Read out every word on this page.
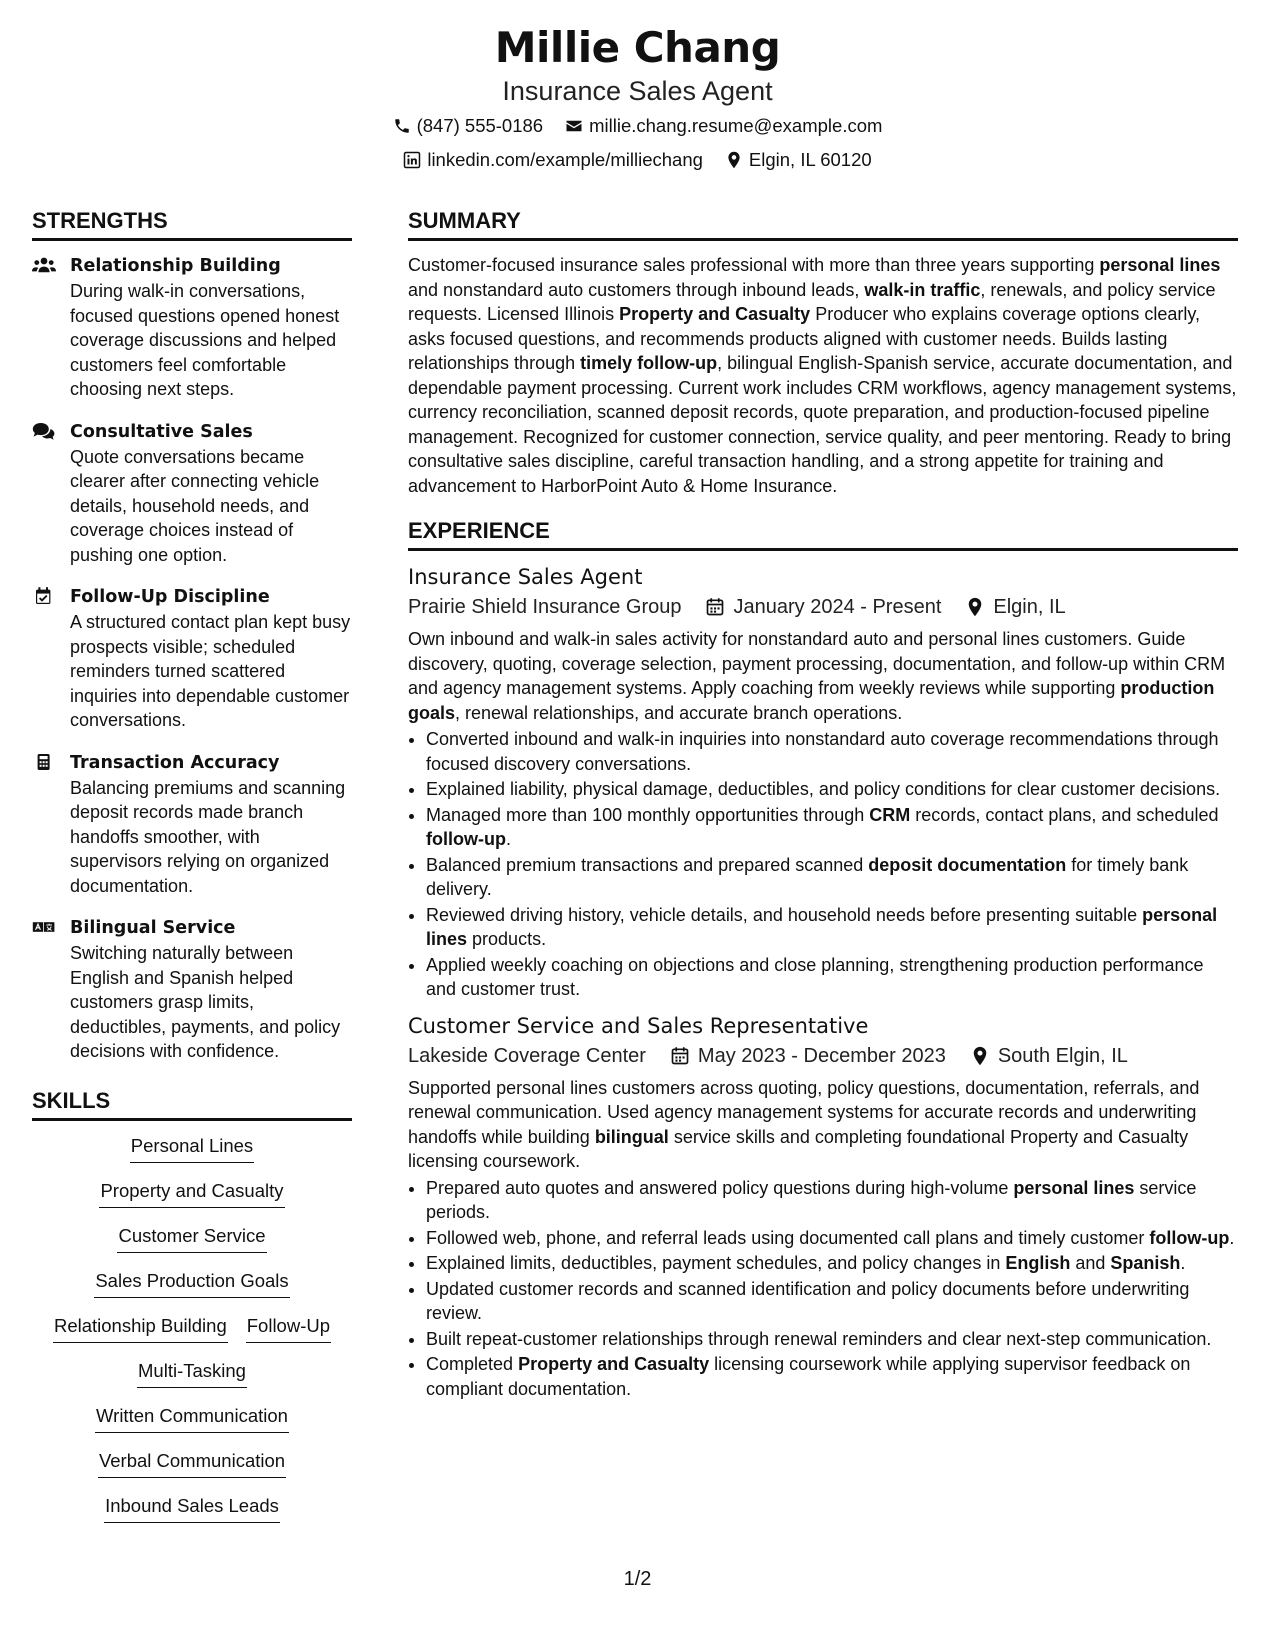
Millie Chang
Insurance Sales Agent
(847) 555-0186 millie.chang.resume@example.com
linkedin.com/example/milliechang Elgin, IL 60120
STRENGTHS
Relationship Building
During walk-in conversations, focused questions opened honest coverage discussions and helped customers feel comfortable choosing next steps.
Consultative Sales
Quote conversations became clearer after connecting vehicle details, household needs, and coverage choices instead of pushing one option.
Follow-Up Discipline
A structured contact plan kept busy prospects visible; scheduled reminders turned scattered inquiries into dependable customer conversations.
Transaction Accuracy
Balancing premiums and scanning deposit records made branch handoffs smoother, with supervisors relying on organized documentation.
Bilingual Service
Switching naturally between English and Spanish helped customers grasp limits, deductibles, payments, and policy decisions with confidence.
SKILLS
Personal Lines
Property and Casualty
Customer Service
Sales Production Goals
Relationship Building Follow-Up
Multi-Tasking
Written Communication
Verbal Communication
Inbound Sales Leads
SUMMARY

Customer-focused insurance sales professional with more than three years supporting personal lines and nonstandard auto customers through inbound leads, walk-in traffic, renewals, and policy service requests. Licensed Illinois Property and Casualty Producer who explains coverage options clearly, asks focused questions, and recommends products aligned with customer needs. Builds lasting relationships through timely follow-up, bilingual English-Spanish service, accurate documentation, and dependable payment processing. Current work includes CRM workflows, agency management systems, currency reconciliation, scanned deposit records, quote preparation, and production-focused pipeline management. Recognized for customer connection, service quality, and peer mentoring. Ready to bring consultative sales discipline, careful transaction handling, and a strong appetite for training and advancement to HarborPoint Auto & Home Insurance.

EXPERIENCE
Insurance Sales Agent
Prairie Shield Insurance Group	January 2024 - Present	Elgin, IL

Own inbound and walk-in sales activity for nonstandard auto and personal lines customers. Guide discovery, quoting, coverage selection, payment processing, documentation, and follow-up within CRM and agency management systems. Apply coaching from weekly reviews while supporting production goals, renewal relationships, and accurate branch operations.

• Converted inbound and walk-in inquiries into nonstandard auto coverage recommendations through focused discovery conversations.
• Explained liability, physical damage, deductibles, and policy conditions for clear customer decisions.
• Managed more than 100 monthly opportunities through CRM records, contact plans, and scheduled follow-up.
• Balanced premium transactions and prepared scanned deposit documentation for timely bank delivery.
• Reviewed driving history, vehicle details, and household needs before presenting suitable personal lines products.
• Applied weekly coaching on objections and close planning, strengthening production performance and customer trust.
Customer Service and Sales Representative
Lakeside Coverage Center	May 2023 - December 2023	South Elgin, IL

Supported personal lines customers across quoting, policy questions, documentation, referrals, and renewal communication. Used agency management systems for accurate records and underwriting handoffs while building bilingual service skills and completing foundational Property and Casualty licensing coursework.

• Prepared auto quotes and answered policy questions during high-volume personal lines service periods.
• Followed web, phone, and referral leads using documented call plans and timely customer follow-up.
• Explained limits, deductibles, payment schedules, and policy changes in English and Spanish.
• Updated customer records and scanned identification and policy documents before underwriting review.
• Built repeat-customer relationships through renewal reminders and clear next-step communication.
• Completed Property and Casualty licensing coursework while applying supervisor feedback on compliant documentation.
1/2
